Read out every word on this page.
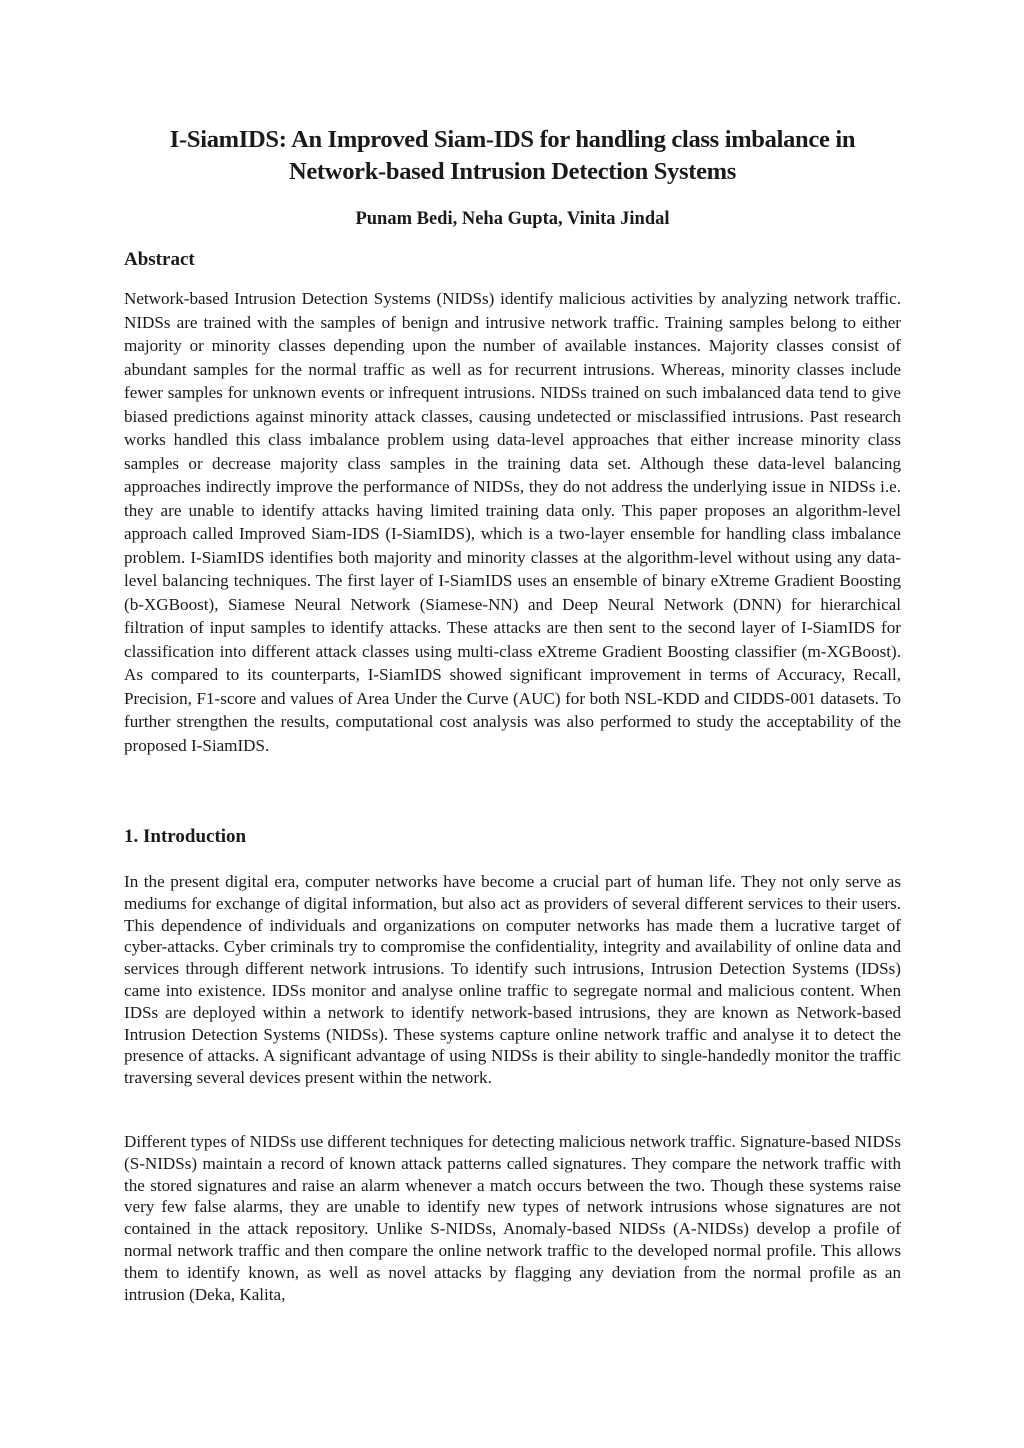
I-SiamIDS: An Improved Siam-IDS for handling class imbalance in
Network-based Intrusion Detection Systems

Punam Bedi, Neha Gupta, Vinita Jindal

Abstract

Network-based Intrusion Detection Systems (NIDSs) identify malicious activities by analyzing network traffic. NIDSs are trained with the samples of benign and intrusive network traffic. Training samples belong to either majority or minority classes depending upon the number of available instances. Majority classes consist of abundant samples for the normal traffic as well as for recurrent intrusions. Whereas, minority classes include fewer samples for unknown events or infrequent intrusions. NIDSs trained on such imbalanced data tend to give biased predictions against minority attack classes, causing undetected or misclassified intrusions. Past research works handled this class imbalance problem using data-level approaches that either increase minority class samples or decrease majority class samples in the training data set. Although these data-level balancing approaches indirectly improve the performance of NIDSs, they do not address the underlying issue in NIDSs i.e. they are unable to identify attacks having limited training data only. This paper proposes an algorithm-level approach called Improved Siam-IDS (I-SiamIDS), which is a two-layer ensemble for handling class imbalance problem. I-SiamIDS identifies both majority and minority classes at the algorithm-level without using any data-level balancing techniques. The first layer of I-SiamIDS uses an ensemble of binary eXtreme Gradient Boosting (b-XGBoost), Siamese Neural Network (Siamese-NN) and Deep Neural Network (DNN) for hierarchical filtration of input samples to identify attacks. These attacks are then sent to the second layer of I-SiamIDS for classification into different attack classes using multi-class eXtreme Gradient Boosting classifier (m-XGBoost). As compared to its counterparts, I-SiamIDS showed significant improvement in terms of Accuracy, Recall, Precision, F1-score and values of Area Under the Curve (AUC) for both NSL-KDD and CIDDS-001 datasets. To further strengthen the results, computational cost analysis was also performed to study the acceptability of the proposed I-SiamIDS.

1. Introduction

In the present digital era, computer networks have become a crucial part of human life. They not only serve as mediums for exchange of digital information, but also act as providers of several different services to their users. This dependence of individuals and organizations on computer networks has made them a lucrative target of cyber-attacks. Cyber criminals try to compromise the confidentiality, integrity and availability of online data and services through different network intrusions. To identify such intrusions, Intrusion Detection Systems (IDSs) came into existence. IDSs monitor and analyse online traffic to segregate normal and malicious content. When IDSs are deployed within a network to identify network-based intrusions, they are known as Network-based Intrusion Detection Systems (NIDSs). These systems capture online network traffic and analyse it to detect the presence of attacks. A significant advantage of using NIDSs is their ability to single-handedly monitor the traffic traversing several devices present within the network.

Different types of NIDSs use different techniques for detecting malicious network traffic. Signature-based NIDSs (S-NIDSs) maintain a record of known attack patterns called signatures. They compare the network traffic with the stored signatures and raise an alarm whenever a match occurs between the two. Though these systems raise very few false alarms, they are unable to identify new types of network intrusions whose signatures are not contained in the attack repository. Unlike S-NIDSs, Anomaly-based NIDSs (A-NIDSs) develop a profile of normal network traffic and then compare the online network traffic to the developed normal profile. This allows them to identify known, as well as novel attacks by flagging any deviation from the normal profile as an intrusion (Deka, Kalita,
